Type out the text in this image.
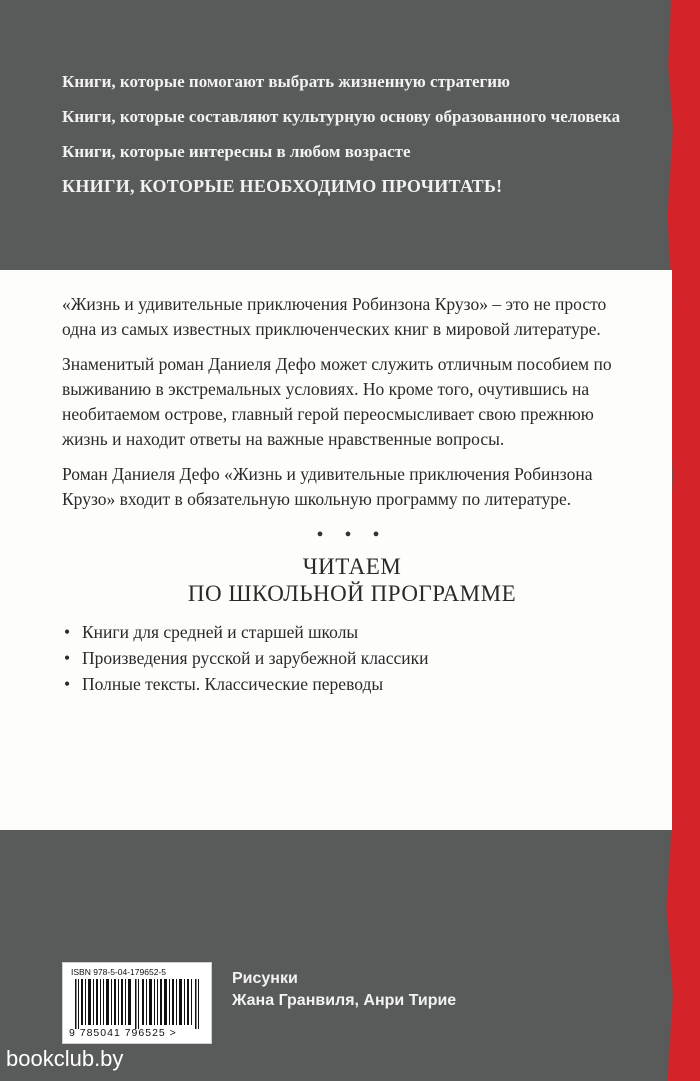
Книги, которые помогают выбрать жизненную стратегию

Книги, которые составляют культурную основу образованного человека

Книги, которые интересны в любом возрасте

КНИГИ, КОТОРЫЕ НЕОБХОДИМО ПРОЧИТАТЬ!

«Жизнь и удивительные приключения Робинзона Крузо» – это не просто одна из самых известных приключенческих книг в мировой литературе.

Знаменитый роман Даниеля Дефо может служить отличным пособием по выживанию в экстремальных условиях. Но кроме того, очутившись на необитаемом острове, главный герой переосмысливает свою прежнюю жизнь и находит ответы на важные нравственные вопросы.

Роман Даниеля Дефо «Жизнь и удивительные приключения Робинзона Крузо» входит в обязательную школьную программу по литературе.

• • •

ЧИТАЕМ

ПО ШКОЛЬНОЙ ПРОГРАММЕ

• Книги для средней и старшей школы
• Произведения русской и зарубежной классики
• Полные тексты. Классические переводы
ISBN 978-5-04-179652-5
9 785041 796525 >
Рисунки
Жана Гранвиля, Анри Тирие
bookclub.by
